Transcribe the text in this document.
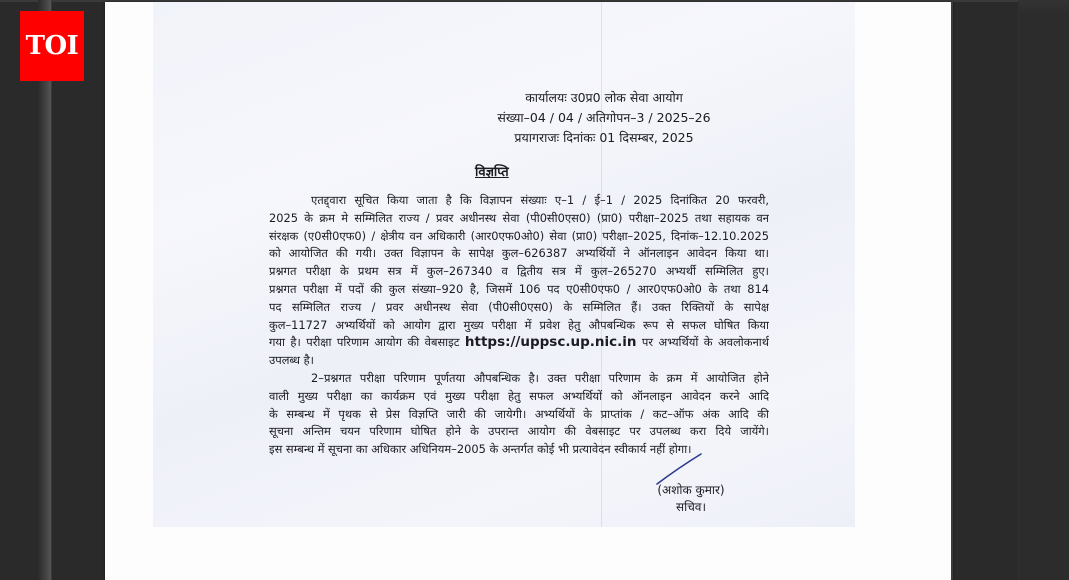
TOI
कार्यालयः उ0प्र0 लोक सेवा आयोग
संख्या–04 / 04 / अतिगोपन–3 / 2025–26
प्रयागराजः दिनांकः 01 दिसम्बर, 2025
विज्ञप्ति
एतद्द्वारा सूचित किया जाता है कि विज्ञापन संख्याः ए–1 / ई–1 / 2025 दिनांकित 20 फरवरी,
2025 के क्रम मे सम्मिलित राज्य / प्रवर अधीनस्थ सेवा (पी0सी0एस0) (प्रा0) परीक्षा–2025 तथा सहायक वन
संरक्षक (ए0सी0एफ0) / क्षेत्रीय वन अधिकारी (आर0एफ0ओ0) सेवा (प्रा0) परीक्षा–2025, दिनांक–12.10.2025
को आयोजित की गयी। उक्त विज्ञापन के सापेक्ष कुल–626387 अभ्यर्थियों ने ऑनलाइन आवेदन किया था।
प्रश्नगत परीक्षा के प्रथम सत्र में कुल–267340 व द्वितीय सत्र में कुल–265270 अभ्यर्थी सम्मिलित हुए।
प्रश्नगत परीक्षा में पदों की कुल संख्या–920 है, जिसमें 106 पद ए0सी0एफ0 / आर0एफ0ओ0 के तथा 814
पद सम्मिलित राज्य / प्रवर अधीनस्थ सेवा (पी0सी0एस0) के सम्मिलित हैं। उक्त रिक्तियों के सापेक्ष
कुल–11727 अभ्यर्थियों को आयोग द्वारा मुख्य परीक्षा में प्रवेश हेतु औपबन्धिक रूप से सफल घोषित किया
गया है। परीक्षा परिणाम आयोग की वेबसाइट https://uppsc.up.nic.in पर अभ्यर्थियों के अवलोकनार्थ
उपलब्ध है।
2–प्रश्नगत परीक्षा परिणाम पूर्णतया औपबन्धिक है। उक्त परीक्षा परिणाम के क्रम में आयोजित होने
वाली मुख्य परीक्षा का कार्यक्रम एवं मुख्य परीक्षा हेतु सफल अभ्यर्थियों को ऑनलाइन आवेदन करने आदि
के सम्बन्ध में पृथक से प्रेस विज्ञप्ति जारी की जायेगी। अभ्यर्थियों के प्राप्तांक / कट–ऑफ अंक आदि की
सूचना अन्तिम चयन परिणाम घोषित होने के उपरान्त आयोग की वेबसाइट पर उपलब्ध करा दिये जायेंगे।
इस सम्बन्ध में सूचना का अधिकार अधिनियम–2005 के अन्तर्गत कोई भी प्रत्यावेदन स्वीकार्य नहीं होगा।
(अशोक कुमार)
सचिव।
